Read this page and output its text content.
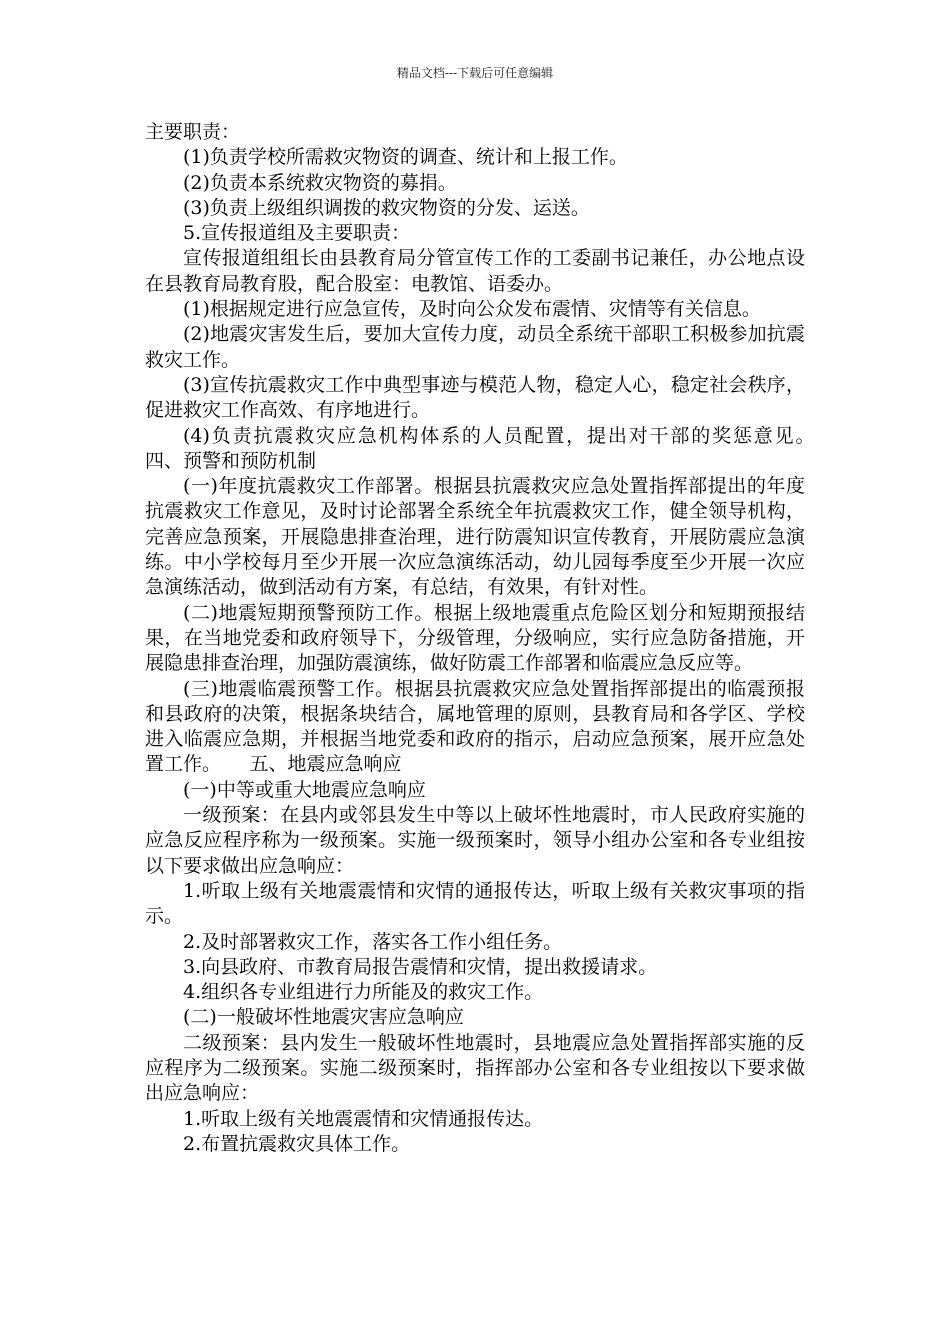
精品文档---下载后可任意编辑

主要职责：

(1)负责学校所需救灾物资的调查、统计和上报工作。

(2)负责本系统救灾物资的募捐。

(3)负责上级组织调拨的救灾物资的分发、运送。

5.宣传报道组及主要职责：

宣传报道组组长由县教育局分管宣传工作的工委副书记兼任，办公地点设在县教育局教育股，配合股室：电教馆、语委办。

(1)根据规定进行应急宣传，及时向公众发布震情、灾情等有关信息。

(2)地震灾害发生后，要加大宣传力度，动员全系统干部职工积极参加抗震救灾工作。

(3)宣传抗震救灾工作中典型事迹与模范人物，稳定人心，稳定社会秩序，促进救灾工作高效、有序地进行。

(4)负责抗震救灾应急机构体系的人员配置，提出对干部的奖惩意见。　　四、预警和预防机制

(一)年度抗震救灾工作部署。根据县抗震救灾应急处置指挥部提出的年度抗震救灾工作意见，及时讨论部署全系统全年抗震救灾工作，健全领导机构，完善应急预案，开展隐患排查治理，进行防震知识宣传教育，开展防震应急演练。中小学校每月至少开展一次应急演练活动，幼儿园每季度至少开展一次应急演练活动，做到活动有方案，有总结，有效果，有针对性。

(二)地震短期预警预防工作。根据上级地震重点危险区划分和短期预报结果，在当地党委和政府领导下，分级管理，分级响应，实行应急防备措施，开展隐患排查治理，加强防震演练，做好防震工作部署和临震应急反应等。

(三)地震临震预警工作。根据县抗震救灾应急处置指挥部提出的临震预报和县政府的决策，根据条块结合，属地管理的原则，县教育局和各学区、学校进入临震应急期，并根据当地党委和政府的指示，启动应急预案，展开应急处置工作。　　五、地震应急响应

(一)中等或重大地震应急响应

一级预案：在县内或邻县发生中等以上破坏性地震时，市人民政府实施的应急反应程序称为一级预案。实施一级预案时，领导小组办公室和各专业组按以下要求做出应急响应：

1.听取上级有关地震震情和灾情的通报传达，听取上级有关救灾事项的指示。

2.及时部署救灾工作，落实各工作小组任务。

3.向县政府、市教育局报告震情和灾情，提出救援请求。

4.组织各专业组进行力所能及的救灾工作。

(二)一般破坏性地震灾害应急响应

二级预案：县内发生一般破坏性地震时，县地震应急处置指挥部实施的反应程序为二级预案。实施二级预案时，指挥部办公室和各专业组按以下要求做出应急响应：

1.听取上级有关地震震情和灾情通报传达。

2.布置抗震救灾具体工作。
